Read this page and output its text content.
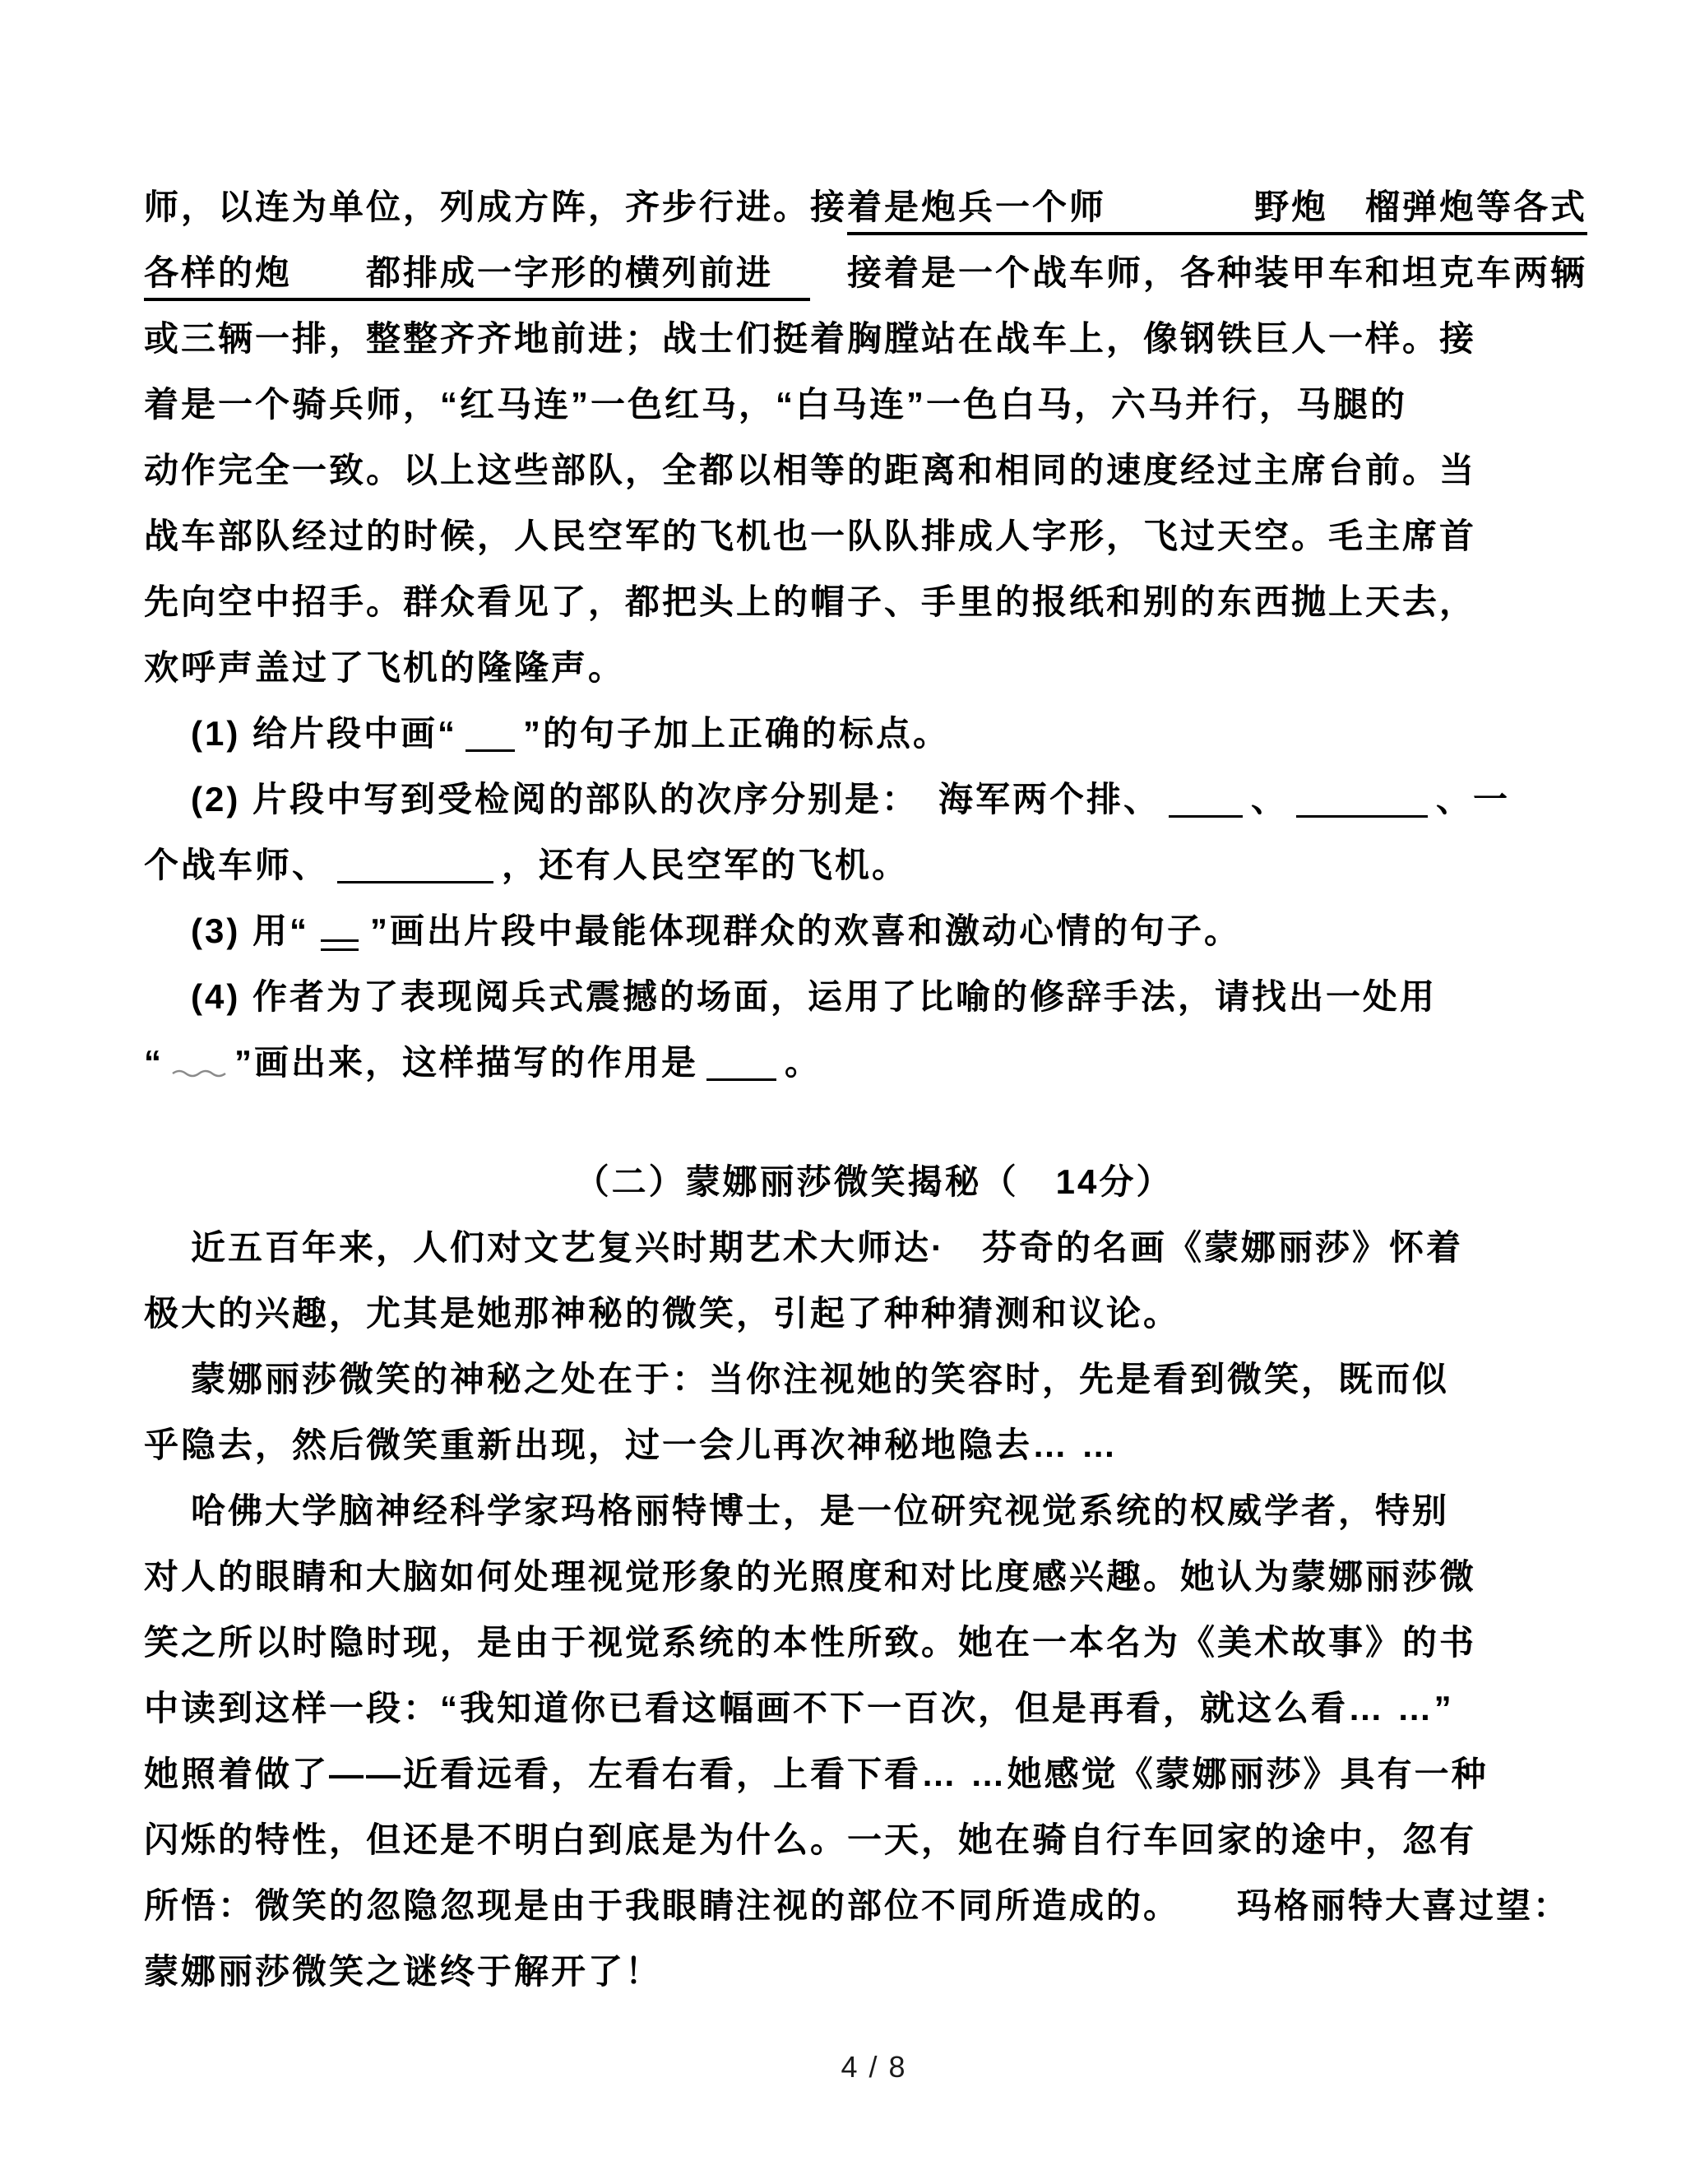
师，以连为单位，列成方阵，齐步行进。接着是炮兵一个师　　　　野炮　榴弹炮等各式
各样的炮　　都排成一字形的横列前进　　接着是一个战车师，各种装甲车和坦克车两辆
或三辆一排，整整齐齐地前进；战士们挺着胸膛站在战车上，像钢铁巨人一样。接
着是一个骑兵师，“红马连”一色红马，“白马连”一色白马，六马并行，马腿的
动作完全一致。以上这些部队，全都以相等的距离和相同的速度经过主席台前。当
战车部队经过的时候，人民空军的飞机也一队队排成人字形，飞过天空。毛主席首
先向空中招手。群众看见了，都把头上的帽子、手里的报纸和别的东西抛上天去，
欢呼声盖过了飞机的隆隆声。
(1) 给片段中画“ ”的句子加上正确的标点。
(2) 片段中写到受检阅的部队的次序分别是：　海军两个排、	、	、一
个战车师、	，还有人民空军的飞机。
(3) 用“ ”画出片段中最能体现群众的欢喜和激动心情的句子。
(4) 作者为了表现阅兵式震撼的场面，运用了比喻的修辞手法，请找出一处用
“ ”画出来，这样描写的作用是	。
（二）蒙娜丽莎微笑揭秘（　14分）
近五百年来，人们对文艺复兴时期艺术大师达·　芬奇的名画《蒙娜丽莎》怀着
极大的兴趣，尤其是她那神秘的微笑，引起了种种猜测和议论。
蒙娜丽莎微笑的神秘之处在于：当你注视她的笑容时，先是看到微笑，既而似
乎隐去，然后微笑重新出现，过一会儿再次神秘地隐去… …
哈佛大学脑神经科学家玛格丽特博士，是一位研究视觉系统的权威学者，特别
对人的眼睛和大脑如何处理视觉形象的光照度和对比度感兴趣。她认为蒙娜丽莎微
笑之所以时隐时现，是由于视觉系统的本性所致。她在一本名为《美术故事》的书
中读到这样一段：“我知道你已看这幅画不下一百次，但是再看，就这么看… …”
她照着做了——近看远看，左看右看，上看下看… …她感觉《蒙娜丽莎》具有一种
闪烁的特性，但还是不明白到底是为什么。一天，她在骑自行车回家的途中，忽有
所悟：微笑的忽隐忽现是由于我眼睛注视的部位不同所造成的。　　玛格丽特大喜过望：
蒙娜丽莎微笑之谜终于解开了！
4 / 8
